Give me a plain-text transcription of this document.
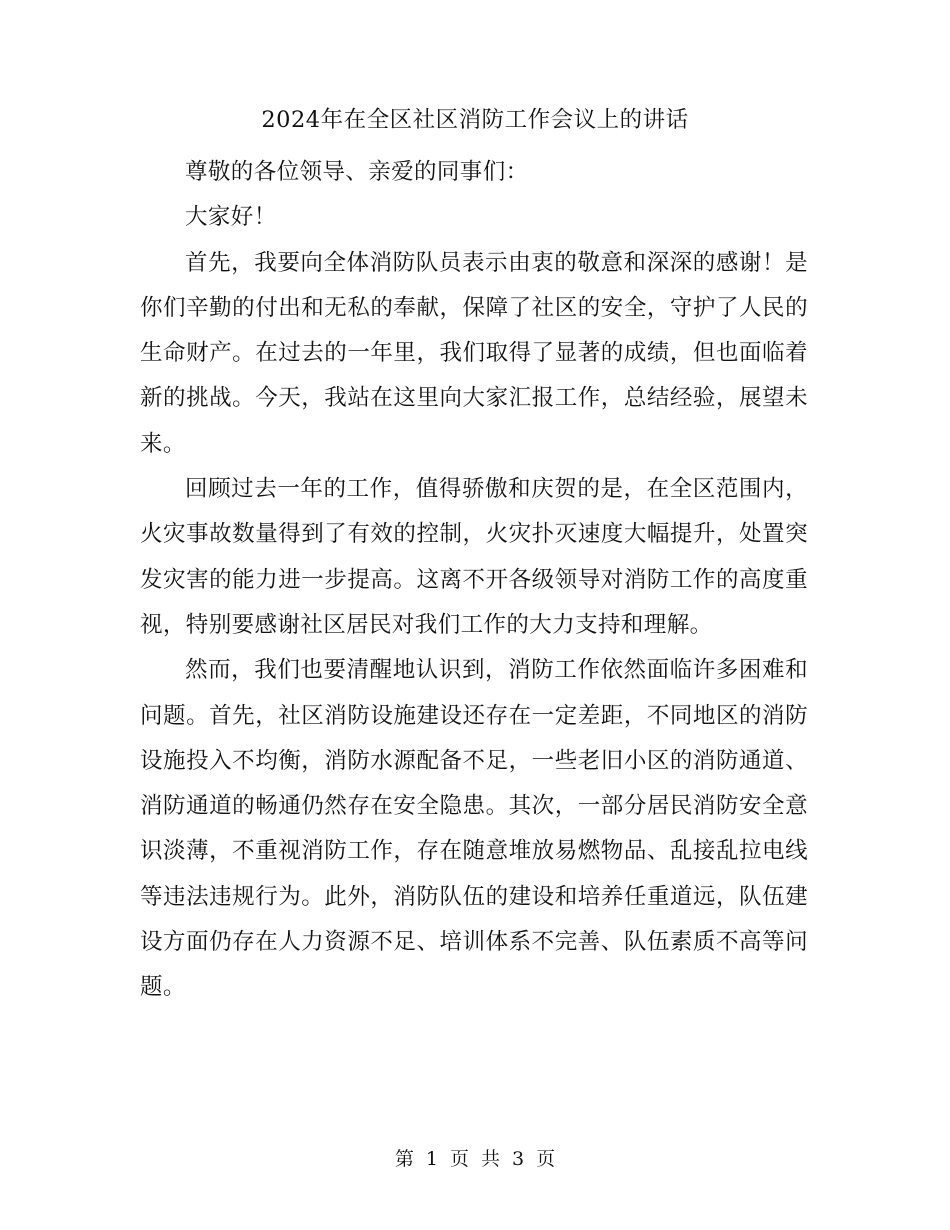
2024年在全区社区消防工作会议上的讲话

尊敬的各位领导、亲爱的同事们：

大家好！

首先，我要向全体消防队员表示由衷的敬意和深深的感谢！是你们辛勤的付出和无私的奉献，保障了社区的安全，守护了人民的生命财产。在过去的一年里，我们取得了显著的成绩，但也面临着新的挑战。今天，我站在这里向大家汇报工作，总结经验，展望未来。

回顾过去一年的工作，值得骄傲和庆贺的是，在全区范围内，火灾事故数量得到了有效的控制，火灾扑灭速度大幅提升，处置突发灾害的能力进一步提高。这离不开各级领导对消防工作的高度重视，特别要感谢社区居民对我们工作的大力支持和理解。

然而，我们也要清醒地认识到，消防工作依然面临许多困难和问题。首先，社区消防设施建设还存在一定差距，不同地区的消防设施投入不均衡，消防水源配备不足，一些老旧小区的消防通道、消防通道的畅通仍然存在安全隐患。其次，一部分居民消防安全意识淡薄，不重视消防工作，存在随意堆放易燃物品、乱接乱拉电线等违法违规行为。此外，消防队伍的建设和培养任重道远，队伍建设方面仍存在人力资源不足、培训体系不完善、队伍素质不高等问题。

第 1 页 共 3 页
